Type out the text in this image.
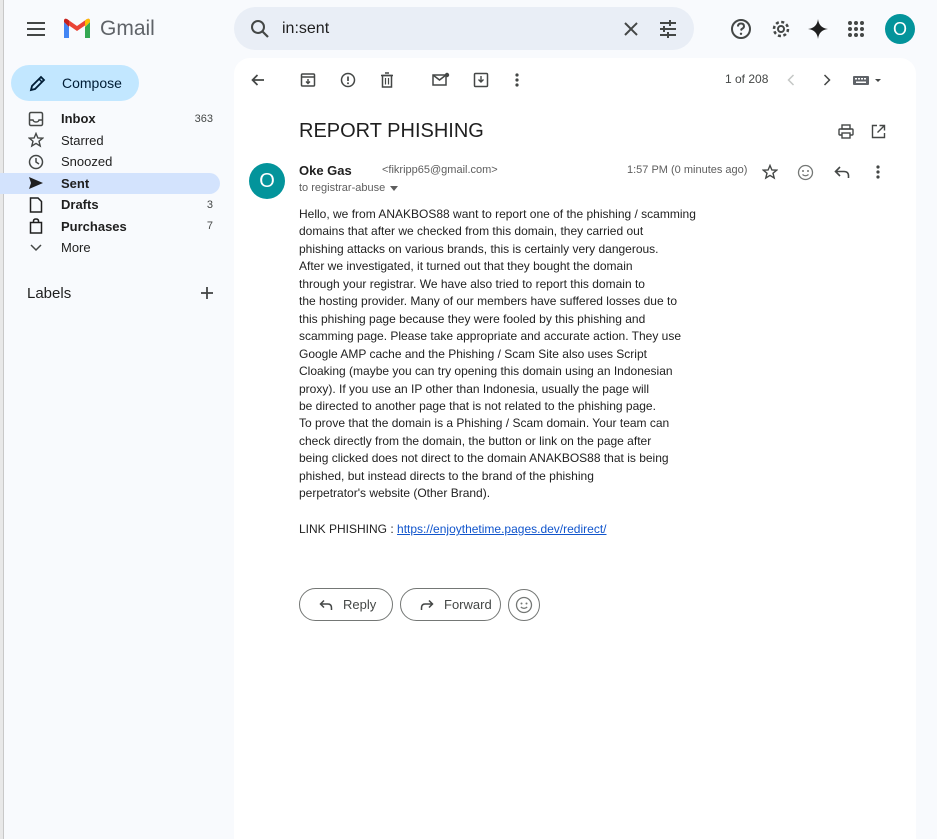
Gmail
in:sent	O
Compose
Inbox	363
Starred
Snoozed
Sent
Drafts	3
Purchases	7
More
Labels
1 of 208
REPORT PHISHING
O	Oke Gas	<fikripp65@gmail.com>
to registrar-abuse
1:57 PM (0 minutes ago)

Hello, we from ANAKBOS88 want to report one of the phishing / scamming

domains that after we checked from this domain, they carried out

phishing attacks on various brands, this is certainly very dangerous.

After we investigated, it turned out that they bought the domain

through your registrar. We have also tried to report this domain to

the hosting provider. Many of our members have suffered losses due to

this phishing page because they were fooled by this phishing and

scamming page. Please take appropriate and accurate action. They use

Google AMP cache and the Phishing / Scam Site also uses Script

Cloaking (maybe you can try opening this domain using an Indonesian

proxy). If you use an IP other than Indonesia, usually the page will

be directed to another page that is not related to the phishing page.

To prove that the domain is a Phishing / Scam domain. Your team can

check directly from the domain, the button or link on the page after

being clicked does not direct to the domain ANAKBOS88 that is being

phished, but instead directs to the brand of the phishing

perpetrator's website (Other Brand).

LINK PHISHING : https://enjoythetime.pages.dev/redirect/
Reply	Forward
